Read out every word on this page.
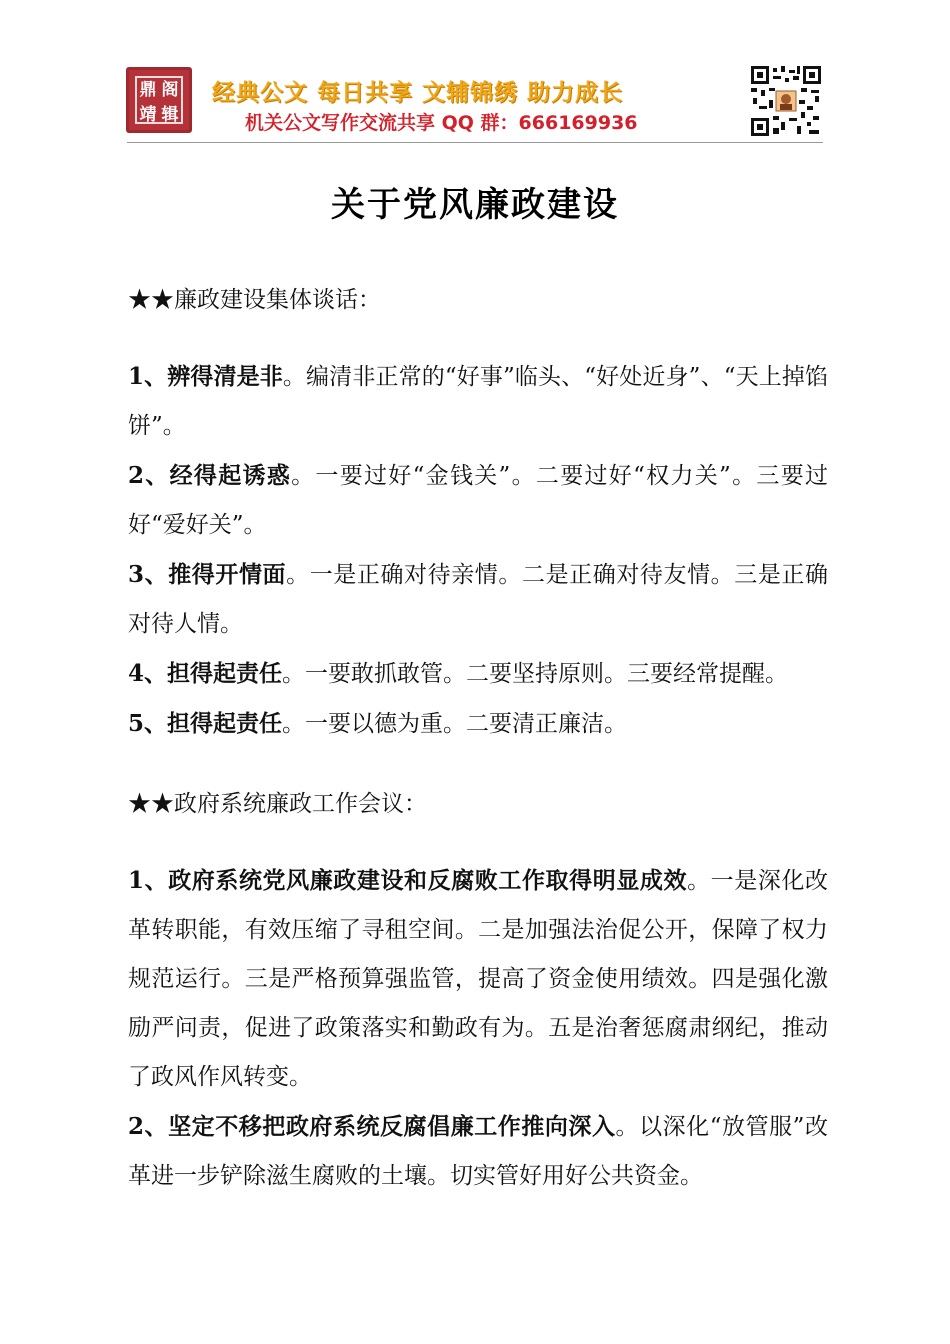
鼎 阁
靖 辑
经典公文 每日共享 文辅锦绣 助力成长
机关公文写作交流共享 QQ 群：666169936
关于党风廉政建设

★★廉政建设集体谈话：

1、辨得清是非。编清非正常的“好事”临头、“好处近身”、“天上掉馅饼”。

2、经得起诱惑。一要过好“金钱关”。二要过好“权力关”。三要过好“爱好关”。

3、推得开情面。一是正确对待亲情。二是正确对待友情。三是正确对待人情。

4、担得起责任。一要敢抓敢管。二要坚持原则。三要经常提醒。

5、担得起责任。一要以德为重。二要清正廉洁。

★★政府系统廉政工作会议：

1、政府系统党风廉政建设和反腐败工作取得明显成效。一是深化改革转职能，有效压缩了寻租空间。二是加强法治促公开，保障了权力规范运行。三是严格预算强监管，提高了资金使用绩效。四是强化激励严问责，促进了政策落实和勤政有为。五是治奢惩腐肃纲纪，推动了政风作风转变。

2、坚定不移把政府系统反腐倡廉工作推向深入。以深化“放管服”改革进一步铲除滋生腐败的土壤。切实管好用好公共资金。
